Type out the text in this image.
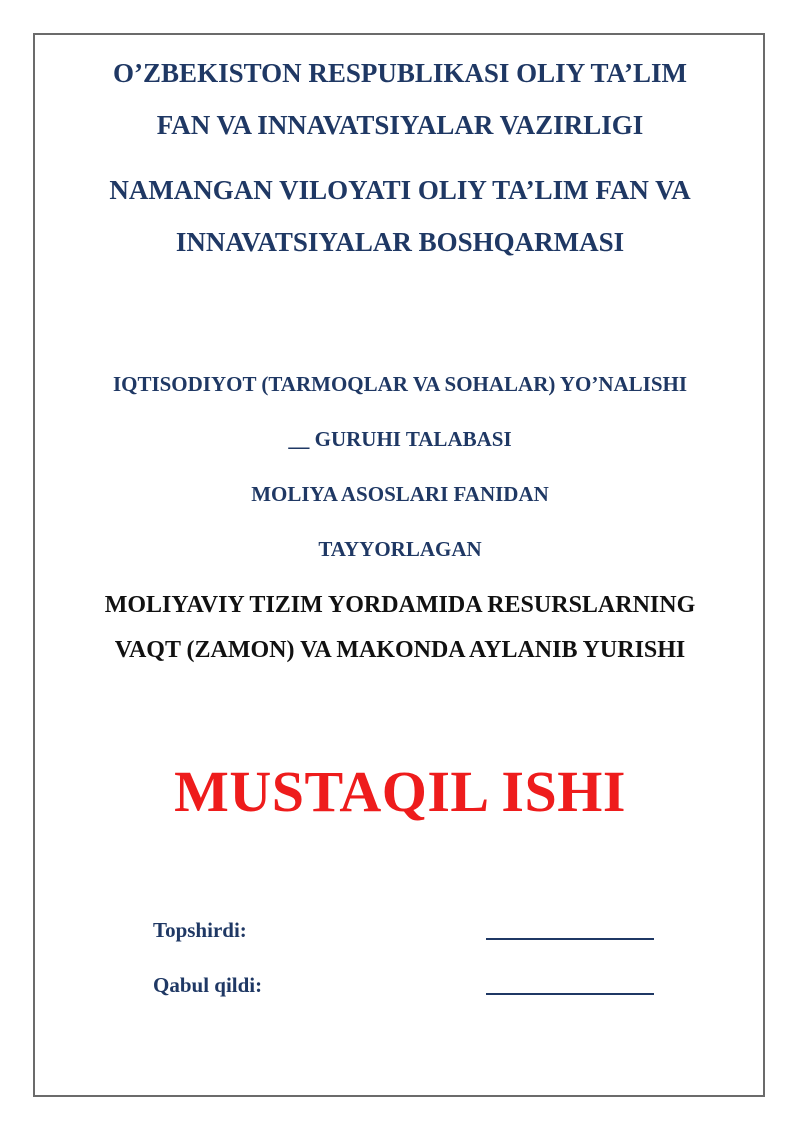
O’ZBEKISTON RESPUBLIKASI OLIY TA’LIM
FAN VA INNAVATSIYALAR VAZIRLIGI
NAMANGAN VILOYATI OLIY TA’LIM FAN VA
INNAVATSIYALAR BOSHQARMASI
IQTISODIYOT (TARMOQLAR VA SOHALAR) YO’NALISHI
__ GURUHI TALABASI
MOLIYA ASOSLARI FANIDAN
TAYYORLAGAN
MOLIYAVIY TIZIM YORDAMIDA RESURSLARNING
VAQT (ZAMON) VA MAKONDA AYLANIB YURISHI
MUSTAQIL ISHI
Topshirdi:
Qabul qildi:
